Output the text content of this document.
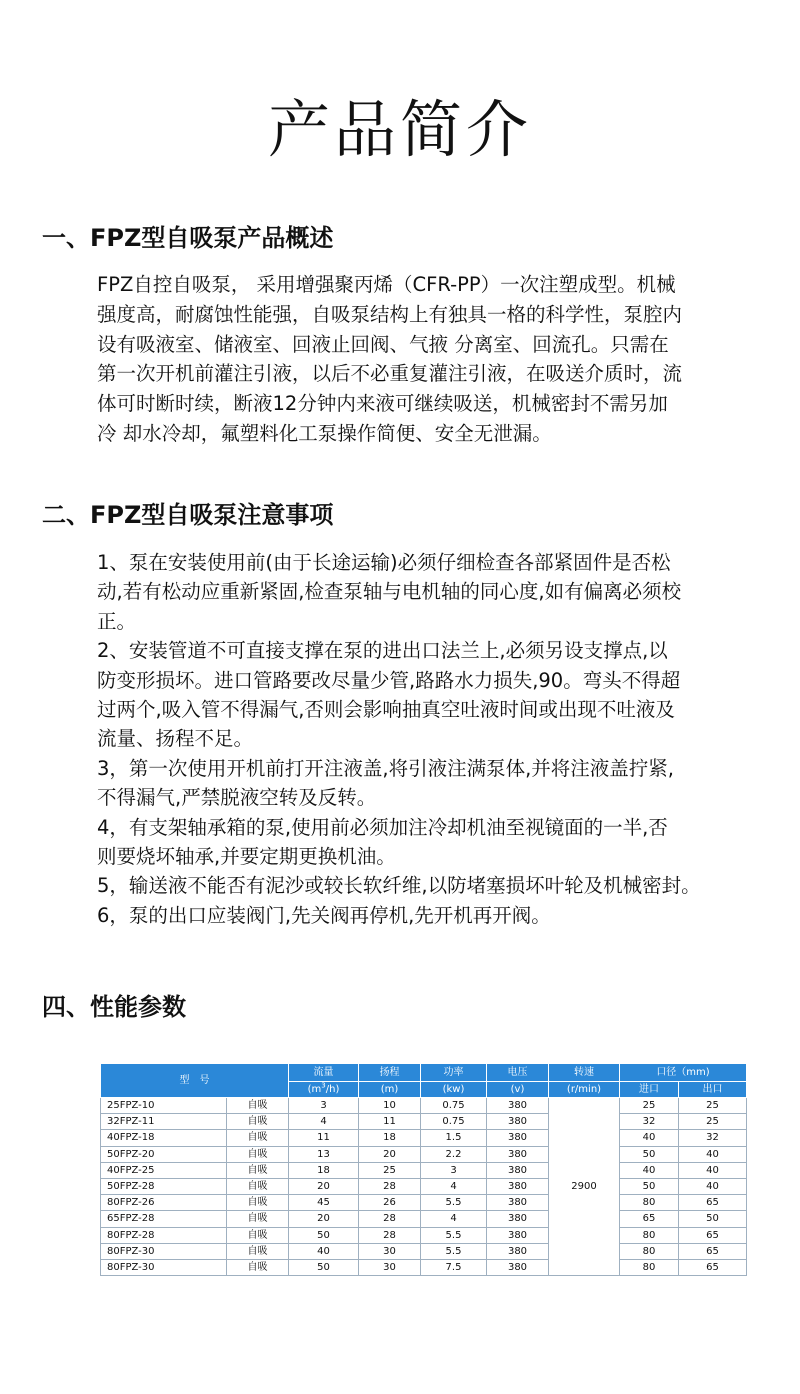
产品简介
一、FPZ型自吸泵产品概述

FPZ自控自吸泵， 采用增强聚丙烯（CFR-PP）一次注塑成型。机械

强度高，耐腐蚀性能强，自吸泵结构上有独具一格的科学性，泵腔内

设有吸液室、储液室、回液止回阀、气掖 分离室、回流孔。只需在

第一次开机前灌注引液，以后不必重复灌注引液，在吸送介质时，流

体可时断时续，断液12分钟内来液可继续吸送，机械密封不需另加

冷 却水冷却，氟塑料化工泵操作简便、安全无泄漏。

二、FPZ型自吸泵注意事项

1、泵在安装使用前(由于长途运输)必须仔细检查各部紧固件是否松

动,若有松动应重新紧固,检查泵轴与电机轴的同心度,如有偏离必须校

正。

2、安装管道不可直接支撑在泵的进出口法兰上,必须另设支撑点,以

防变形损坏。进口管路要改尽量少管,路路水力损失,90。弯头不得超

过两个,吸入管不得漏气,否则会影响抽真空吐液时间或出现不吐液及

流量、扬程不足。

3，第一次使用开机前打开注液盖,将引液注满泵体,并将注液盖拧紧,

不得漏气,严禁脱液空转及反转。

4，有支架轴承箱的泵,使用前必须加注冷却机油至视镜面的一半,否

则要烧坏轴承,并要定期更换机油。

5，输送液不能否有泥沙或较长软纤维,以防堵塞损坏叶轮及机械密封。

6，泵的出口应装阀门,先关阀再停机,先开机再开阀。

四、性能参数
型　号		流量	扬程	功率	电压	转速	口径（mm)	
		$(m^3/h)$	(m)	(kw)	(v)	(r/min)	进口	出口
25FPZ-10	自吸	3	10	0.75	380	2900	25	25
32FPZ-11	自吸	4	11	0.75	380		32	25
40FPZ-18	自吸	11	18	1.5	380		40	32
50FPZ-20	自吸	13	20	2.2	380		50	40
40FPZ-25	自吸	18	25	3	380		40	40
50FPZ-28	自吸	20	28	4	380		50	40
80FPZ-26	自吸	45	26	5.5	380		80	65
65FPZ-28	自吸	20	28	4	380		65	50
80FPZ-28	自吸	50	28	5.5	380		80	65
80FPZ-30	自吸	40	30	5.5	380		80	65
80FPZ-30	自吸	50	30	7.5	380		80	65
